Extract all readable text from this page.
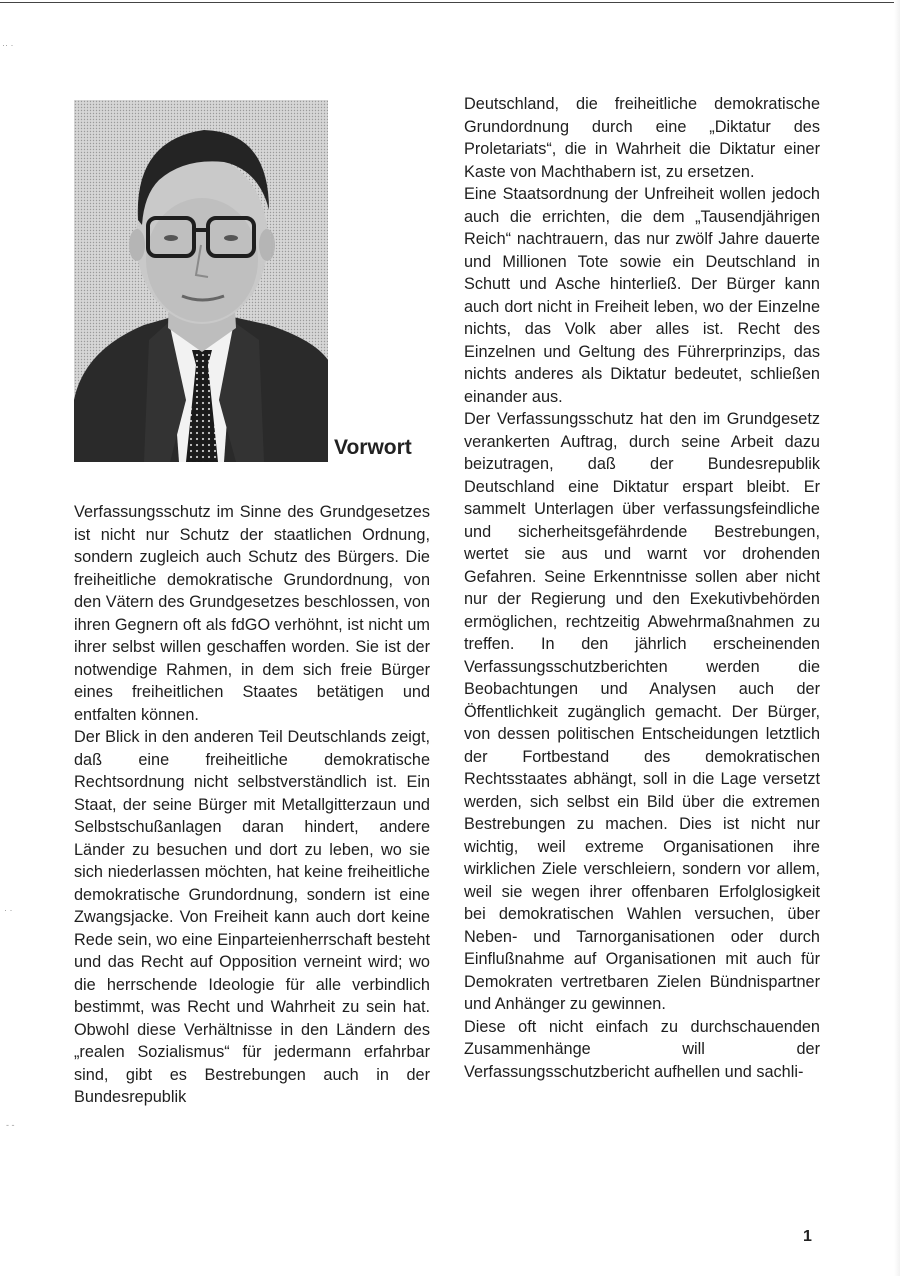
·· ·
· ·
- -
Vorwort

Verfassungsschutz im Sinne des Grundgesetzes ist nicht nur Schutz der staatlichen Ordnung, sondern zugleich auch Schutz des Bürgers. Die freiheitliche demokratische Grundordnung, von den Vätern des Grundgesetzes beschlossen, von ihren Gegnern oft als fdGO verhöhnt, ist nicht um ihrer selbst willen geschaffen worden. Sie ist der notwendige Rahmen, in dem sich freie Bürger eines freiheitlichen Staates betätigen und entfalten können.

Der Blick in den anderen Teil Deutschlands zeigt, daß eine freiheitliche demokratische Rechtsordnung nicht selbstverständlich ist. Ein Staat, der seine Bürger mit Metallgitterzaun und Selbstschußanlagen daran hindert, andere Länder zu besuchen und dort zu leben, wo sie sich niederlassen möchten, hat keine freiheitliche demokratische Grundordnung, sondern ist eine Zwangsjacke. Von Freiheit kann auch dort keine Rede sein, wo eine Einparteienherrschaft besteht und das Recht auf Opposition verneint wird; wo die herrschende Ideologie für alle verbindlich bestimmt, was Recht und Wahrheit zu sein hat. Obwohl diese Verhältnisse in den Ländern des „realen Sozialismus“ für jedermann erfahrbar sind, gibt es Bestrebungen auch in der Bundesrepublik

Deutschland, die freiheitliche demokratische Grundordnung durch eine „Diktatur des Proletariats“, die in Wahrheit die Diktatur einer Kaste von Machthabern ist, zu ersetzen.

Eine Staatsordnung der Unfreiheit wollen jedoch auch die errichten, die dem „Tausendjährigen Reich“ nachtrauern, das nur zwölf Jahre dauerte und Millionen Tote sowie ein Deutschland in Schutt und Asche hinterließ. Der Bürger kann auch dort nicht in Freiheit leben, wo der Einzelne nichts, das Volk aber alles ist. Recht des Einzelnen und Geltung des Führerprinzips, das nichts anderes als Diktatur bedeutet, schließen einander aus.

Der Verfassungsschutz hat den im Grundgesetz verankerten Auftrag, durch seine Arbeit dazu beizutragen, daß der Bundesrepublik Deutschland eine Diktatur erspart bleibt. Er sammelt Unterlagen über verfassungsfeindliche und sicherheitsgefährdende Bestrebungen, wertet sie aus und warnt vor drohenden Gefahren. Seine Erkenntnisse sollen aber nicht nur der Regierung und den Exekutivbehörden ermöglichen, rechtzeitig Abwehrmaßnahmen zu treffen. In den jährlich erscheinenden Verfassungsschutzberichten werden die Beobachtungen und Analysen auch der Öffentlichkeit zugänglich gemacht. Der Bürger, von dessen politischen Entscheidungen letztlich der Fortbestand des demokratischen Rechtsstaates abhängt, soll in die Lage versetzt werden, sich selbst ein Bild über die extremen Bestrebungen zu machen. Dies ist nicht nur wichtig, weil extreme Organisationen ihre wirklichen Ziele verschleiern, sondern vor allem, weil sie wegen ihrer offenbaren Erfolglosigkeit bei demokratischen Wahlen versuchen, über Neben- und Tarnorganisationen oder durch Einflußnahme auf Organisationen mit auch für Demokraten vertretbaren Zielen Bündnispartner und Anhänger zu gewinnen.

Diese oft nicht einfach zu durchschauenden Zusammenhänge will der Verfassungsschutzbericht aufhellen und sachli-

1
